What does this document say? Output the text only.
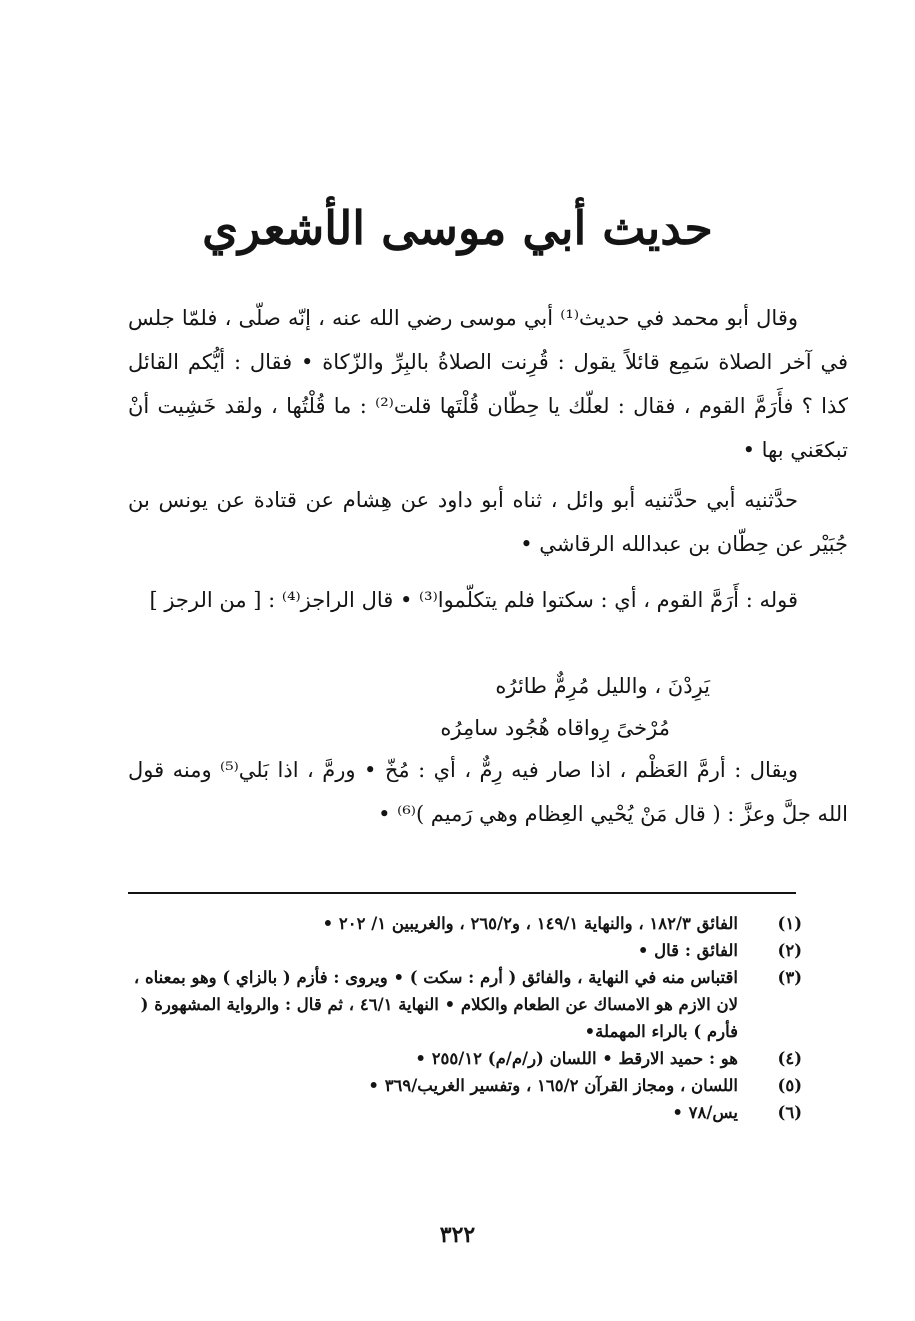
حديث أبي موسى الأشعري

وقال أبو محمد في حديث⁽¹⁾ أبي موسى رضي الله عنه ، إنّه صلّى ، فلمّا جلس في آخر الصلاة سَمِع قائلاً يقول : قُرِنت الصلاةُ بالبِرِّ والزّكاة • فقال : أيُّكم القائل كذا ؟ فأَرَمَّ القوم ، فقال : لعلّك يا حِطّان قُلْتَها قلت⁽²⁾ : ما قُلْتُها ، ولقد خَشِيت أنْ تبكعَني بها •

حدَّثنيه أبي حدَّثنيه أبو وائل ، ثناه أبو داود عن هِشام عن قتادة عن يونس بن جُبَيْر عن حِطّان بن عبدالله الرقاشي •

قوله : أَرَمَّ القوم ، أي : سكتوا فلم يتكلّموا⁽³⁾ • قال الراجز⁽⁴⁾ : [ من الرجز ]

يَرِدْنَ ، والليل مُرِمٌّ طائرُه
مُرْخىً رِواقاه هُجُود سامِرُه

ويقال : أرمَّ العَظْم ، اذا صار فيه رِمٌّ ، أي : مُخّ • ورمَّ ، اذا بَلي⁽⁵⁾ ومنه قول الله جلَّ وعزَّ : ( قال مَنْ يُحْيي العِظام وهي رَميم )⁽⁶⁾ •

(١)
الفائق ١٨٢/٣ ، والنهاية ١٤٩/١ ، و٢٦٥/٢ ، والغريبين ١/ ٢٠٢ •
(٢)
الفائق : قال •
(٣)
اقتباس منه في النهاية ، والفائق ( أرم : سكت ) • ويروى : فأزم ( بالزاي ) وهو بمعناه ، لان الازم هو الامساك عن الطعام والكلام • النهاية ٤٦/١ ، ثم قال : والرواية المشهورة ( فأرم ) بالراء المهملة•
(٤)
هو : حميد الارقط • اللسان (ر/م/م) ٢٥٥/١٢ •
(٥)
اللسان ، ومجاز القرآن ١٦٥/٢ ، وتفسير الغريب/٣٦٩ •
(٦)
يس/٧٨ •
٣٢٢
